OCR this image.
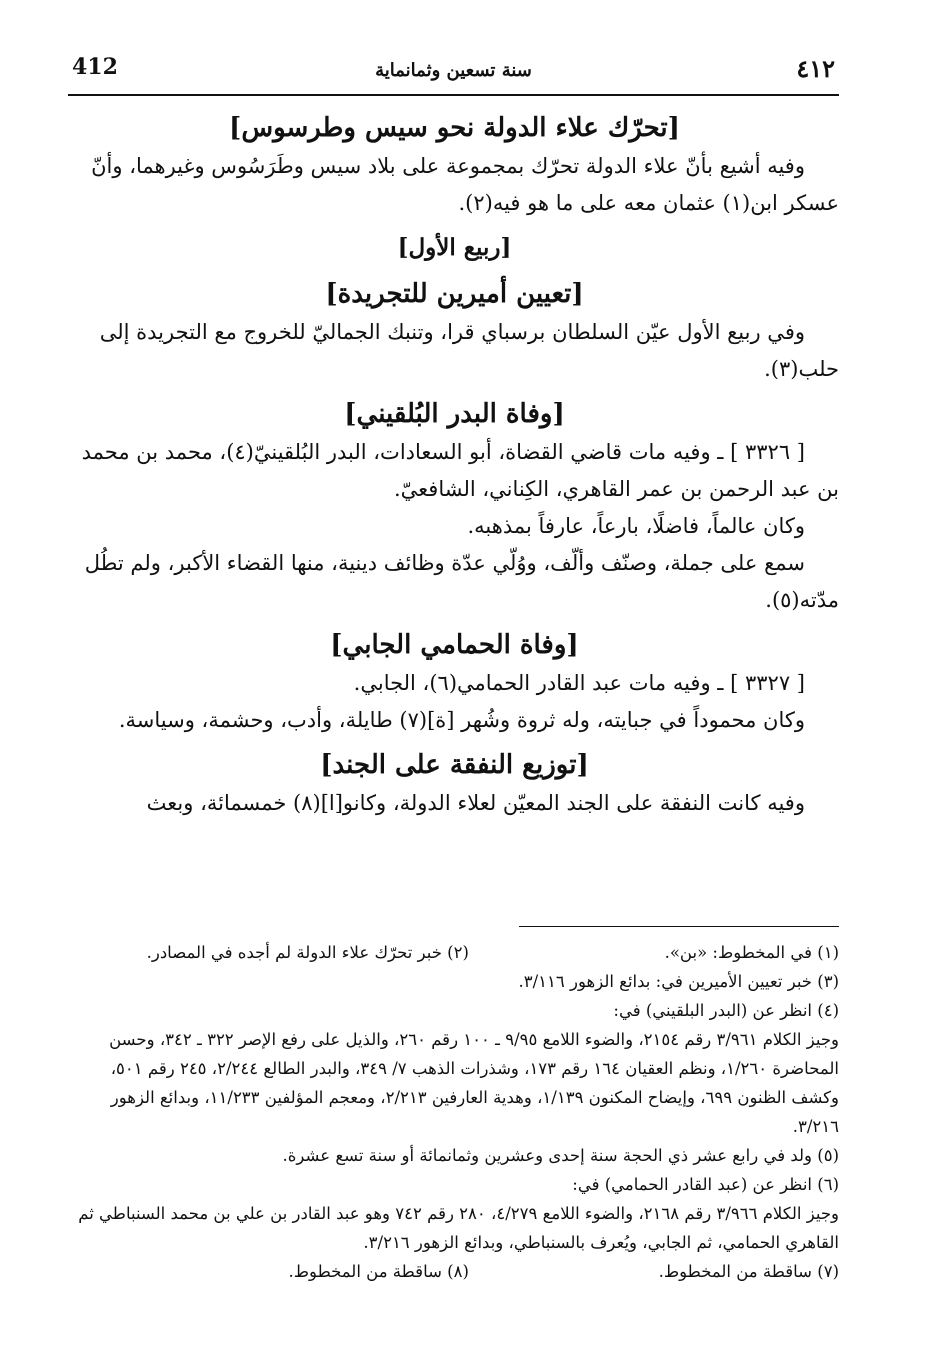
412	سنة تسعين وثمانماية	٤١٢

[تحرّك علاء الدولة نحو سيس وطرسوس]

وفيه أشيع بأنّ علاء الدولة تحرّك بمجموعة على بلاد سيس وطَرَسُوس وغيرهما، وأنّ عسكر ابن(١) عثمان معه على ما هو فيه(٢).

[ربيع الأول]

[تعيين أميرين للتجريدة]

وفي ربيع الأول عيّن السلطان برسباي قرا، وتنبك الجماليّ للخروج مع التجريدة إلى حلب(٣).

[وفاة البدر البُلقيني]

[ ٣٣٢٦ ] ـ وفيه مات قاضي القضاة، أبو السعادات، البدر البُلقينيّ(٤)، محمد بن محمد بن عبد الرحمن بن عمر القاهري، الكِناني، الشافعيّ.

وكان عالماً، فاضلًا، بارعاً، عارفاً بمذهبه.

سمع على جملة، وصنّف وألّف، ووُلّي عدّة وظائف دينية، منها القضاء الأكبر، ولم تطُل مدّته(٥).

[وفاة الحمامي الجابي]

[ ٣٣٢٧ ] ـ وفيه مات عبد القادر الحمامي(٦)، الجابي.

وكان محموداً في جبايته، وله ثروة وشُهر [ة](٧) طايلة، وأدب، وحشمة، وسياسة.

[توزيع النفقة على الجند]

وفيه كانت النفقة على الجند المعيّن لعلاء الدولة، وكانو[ا](٨) خمسمائة، وبعث

(١) في المخطوط: «بن».
(٢) خبر تحرّك علاء الدولة لم أجده في المصادر.

(٣) خبر تعيين الأميرين في: بدائع الزهور ٣/١١٦.

(٤) انظر عن (البدر البلقيني) في:

وجيز الكلام ٣/٩٦١ رقم ٢١٥٤، والضوء اللامع ٩/٩٥ ـ ١٠٠ رقم ٢٦٠، والذيل على رفع الإصر ٣٢٢ ـ ٣٤٢، وحسن المحاضرة ١/٢٦٠، ونظم العقيان ١٦٤ رقم ١٧٣، وشذرات الذهب ٧/ ٣٤٩، والبدر الطالع ٢/٢٤٤، ٢٤٥ رقم ٥٠١، وكشف الظنون ٦٩٩، وإيضاح المكنون ١/١٣٩، وهدية العارفين ٢/٢١٣، ومعجم المؤلفين ١١/٢٣٣، وبدائع الزهور ٣/٢١٦.

(٥) ولد في رابع عشر ذي الحجة سنة إحدى وعشرين وثمانمائة أو سنة تسع عشرة.

(٦) انظر عن (عبد القادر الحمامي) في:

وجيز الكلام ٣/٩٦٦ رقم ٢١٦٨، والضوء اللامع ٤/٢٧٩، ٢٨٠ رقم ٧٤٢ وهو عبد القادر بن علي بن محمد السنباطي ثم القاهري الحمامي، ثم الجابي، ويُعرف بالسنباطي، وبدائع الزهور ٣/٢١٦.

(٧) ساقطة من المخطوط.
(٨) ساقطة من المخطوط.
